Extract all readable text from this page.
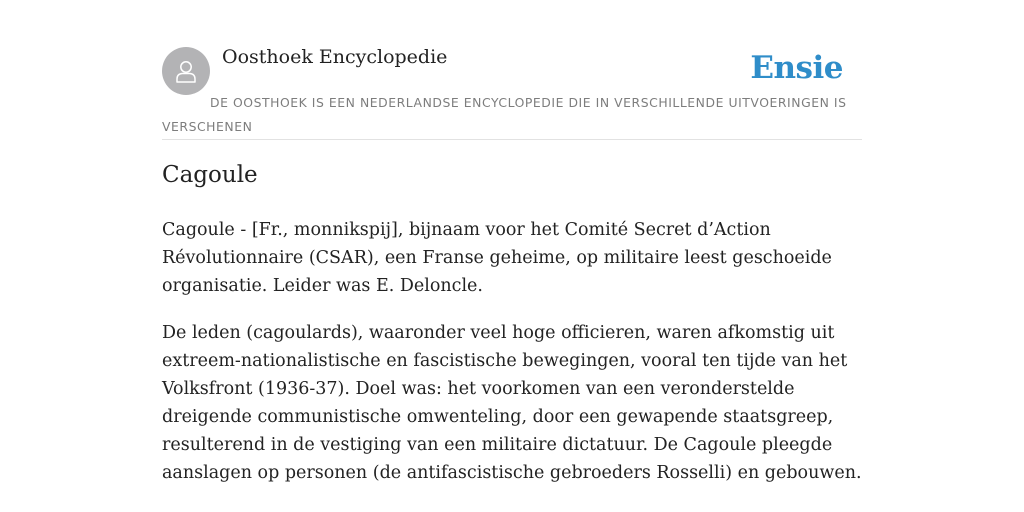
Oosthoek Encyclopedie	Ensie
DE OOSTHOEK IS EEN NEDERLANDSE ENCYCLOPEDIE DIE IN VERSCHILLENDE UITVOERINGEN IS VERSCHENEN
Cagoule

Cagoule - [Fr., monnikspij], bijnaam voor het Comité Secret d’Action Révolutionnaire (CSAR), een Franse geheime, op militaire leest geschoeide organisatie. Leider was E. Deloncle.

De leden (cagoulards), waaronder veel hoge officieren, waren afkomstig uit extreem-nationalistische en fascistische bewegingen, vooral ten tijde van het Volksfront (1936-37). Doel was: het voorkomen van een veronderstelde dreigende communistische omwenteling, door een gewapende staatsgreep, resulterend in de vestiging van een militaire dictatuur. De Cagoule pleegde aanslagen op personen (de antifascistische gebroeders Rosselli) en gebouwen.
